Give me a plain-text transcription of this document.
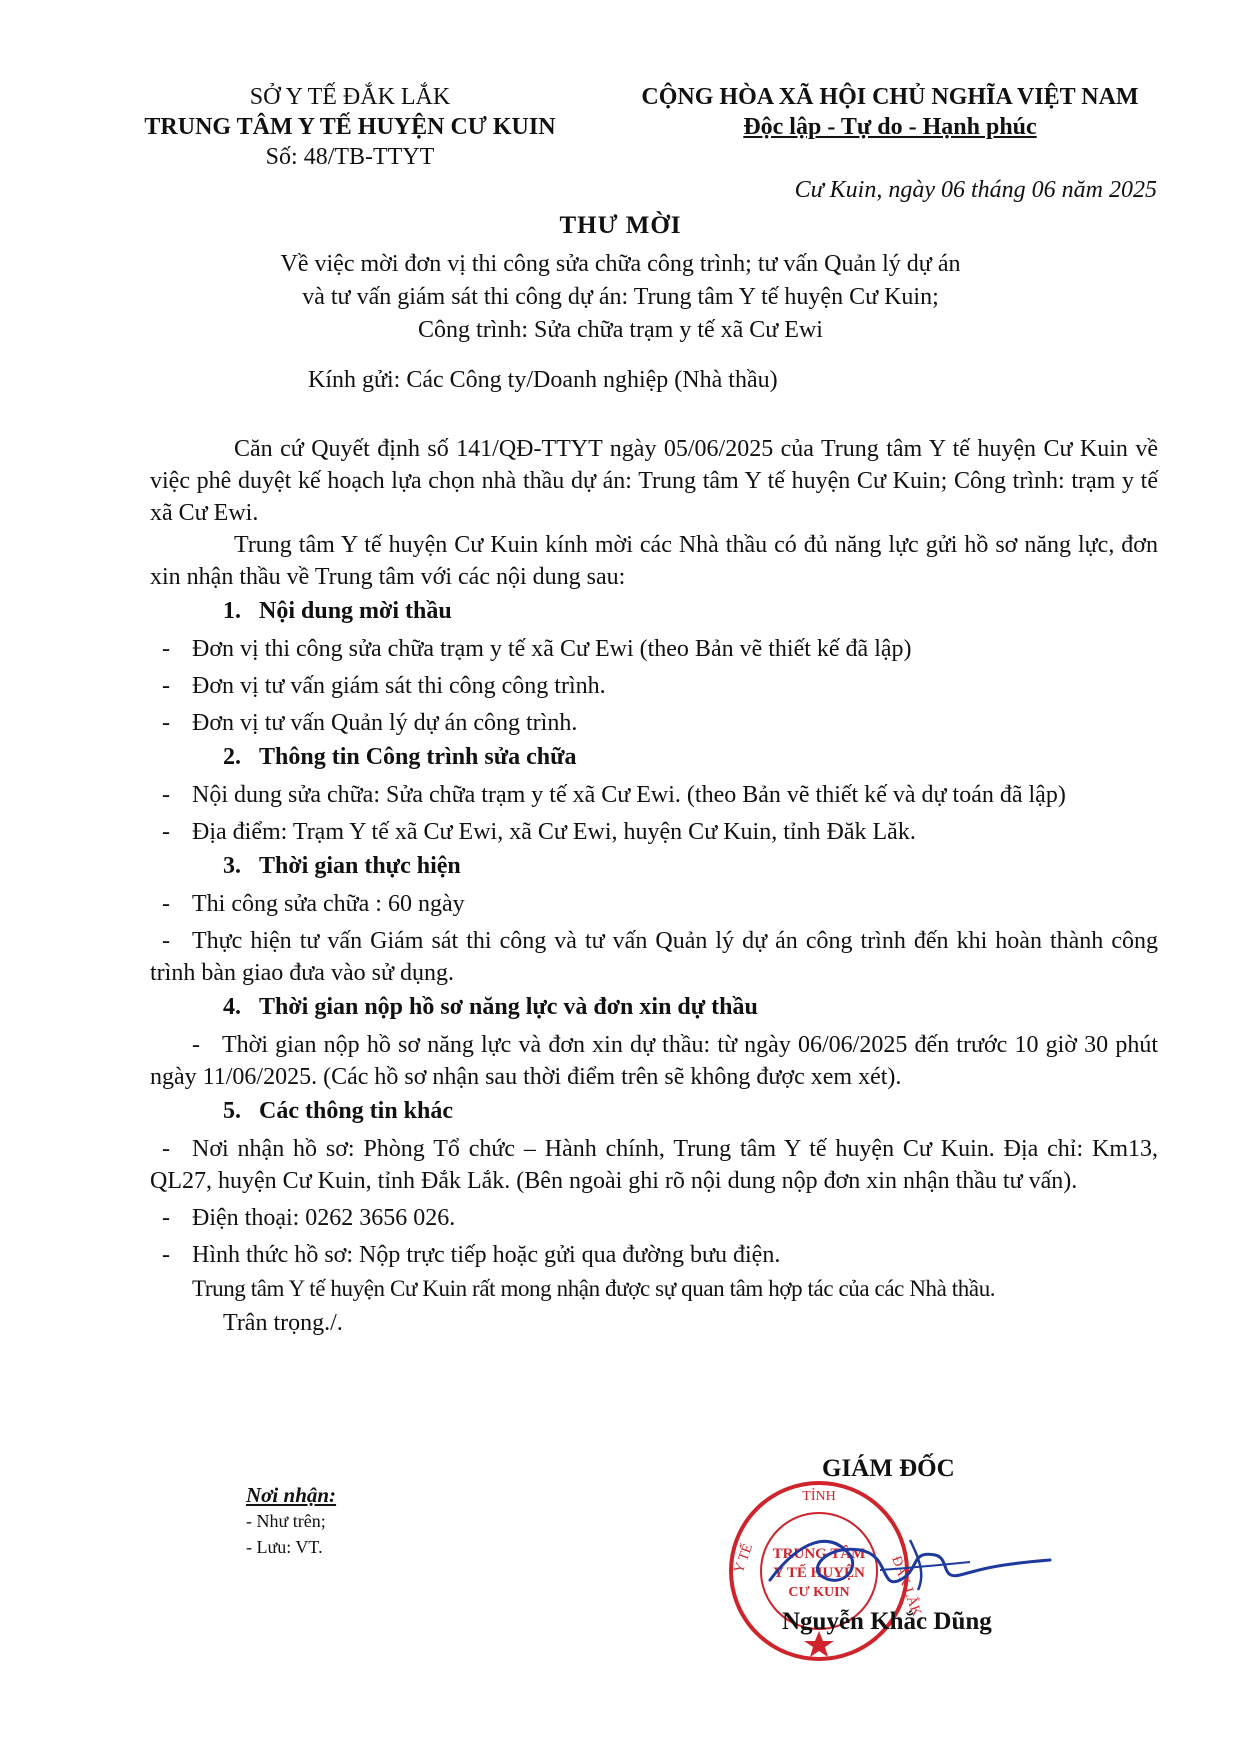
SỞ Y TẾ ĐẮK LẮK
TRUNG TÂM Y TẾ HUYỆN CƯ KUIN
Số: 48/TB-TTYT
CỘNG HÒA XÃ HỘI CHỦ NGHĨA VIỆT NAM
Độc lập - Tự do - Hạnh phúc
Cư Kuin, ngày 06 tháng 06 năm 2025
THƯ MỜI
Về việc mời đơn vị thi công sửa chữa công trình; tư vấn Quản lý dự án
và tư vấn giám sát thi công dự án: Trung tâm Y tế huyện Cư Kuin;
Công trình: Sửa chữa trạm y tế xã Cư Ewi
Kính gửi: Các Công ty/Doanh nghiệp (Nhà thầu)
Căn cứ Quyết định số 141/QĐ-TTYT ngày 05/06/2025 của Trung tâm Y tế huyện Cư Kuin về việc phê duyệt kế hoạch lựa chọn nhà thầu dự án: Trung tâm Y tế huyện Cư Kuin; Công trình: trạm y tế xã Cư Ewi.
Trung tâm Y tế huyện Cư Kuin kính mời các Nhà thầu có đủ năng lực gửi hồ sơ năng lực, đơn xin nhận thầu về Trung tâm với các nội dung sau:
1. Nội dung mời thầu
- Đơn vị thi công sửa chữa trạm y tế xã Cư Ewi (theo Bản vẽ thiết kế đã lập)
- Đơn vị tư vấn giám sát thi công công trình.
- Đơn vị tư vấn Quản lý dự án công trình.
2. Thông tin Công trình sửa chữa
- Nội dung sửa chữa: Sửa chữa trạm y tế xã Cư Ewi. (theo Bản vẽ thiết kế và dự toán đã lập)
- Địa điểm: Trạm Y tế xã Cư Ewi, xã Cư Ewi, huyện Cư Kuin, tỉnh Đăk Lăk.
3. Thời gian thực hiện
- Thi công sửa chữa : 60 ngày
- Thực hiện tư vấn Giám sát thi công và tư vấn Quản lý dự án công trình đến khi hoàn thành công trình bàn giao đưa vào sử dụng.
4. Thời gian nộp hồ sơ năng lực và đơn xin dự thầu
- Thời gian nộp hồ sơ năng lực và đơn xin dự thầu: từ ngày 06/06/2025 đến trước 10 giờ 30 phút ngày 11/06/2025. (Các hồ sơ nhận sau thời điểm trên sẽ không được xem xét).
5. Các thông tin khác
- Nơi nhận hồ sơ: Phòng Tổ chức – Hành chính, Trung tâm Y tế huyện Cư Kuin. Địa chỉ: Km13, QL27, huyện Cư Kuin, tỉnh Đắk Lắk. (Bên ngoài ghi rõ nội dung nộp đơn xin nhận thầu tư vấn).
- Điện thoại: 0262 3656 026.
- Hình thức hồ sơ: Nộp trực tiếp hoặc gửi qua đường bưu điện.
Trung tâm Y tế huyện Cư Kuin rất mong nhận được sự quan tâm hợp tác của các Nhà thầu.
Trân trọng./.
Nơi nhận:
- Như trên;
- Lưu: VT.
GIÁM ĐỐC
TỈNH
Y TẾ	ĐẮK LẮK
TRUNG TÂM
Y TẾ HUYỆN
CƯ KUIN
Nguyễn Khắc Dũng
